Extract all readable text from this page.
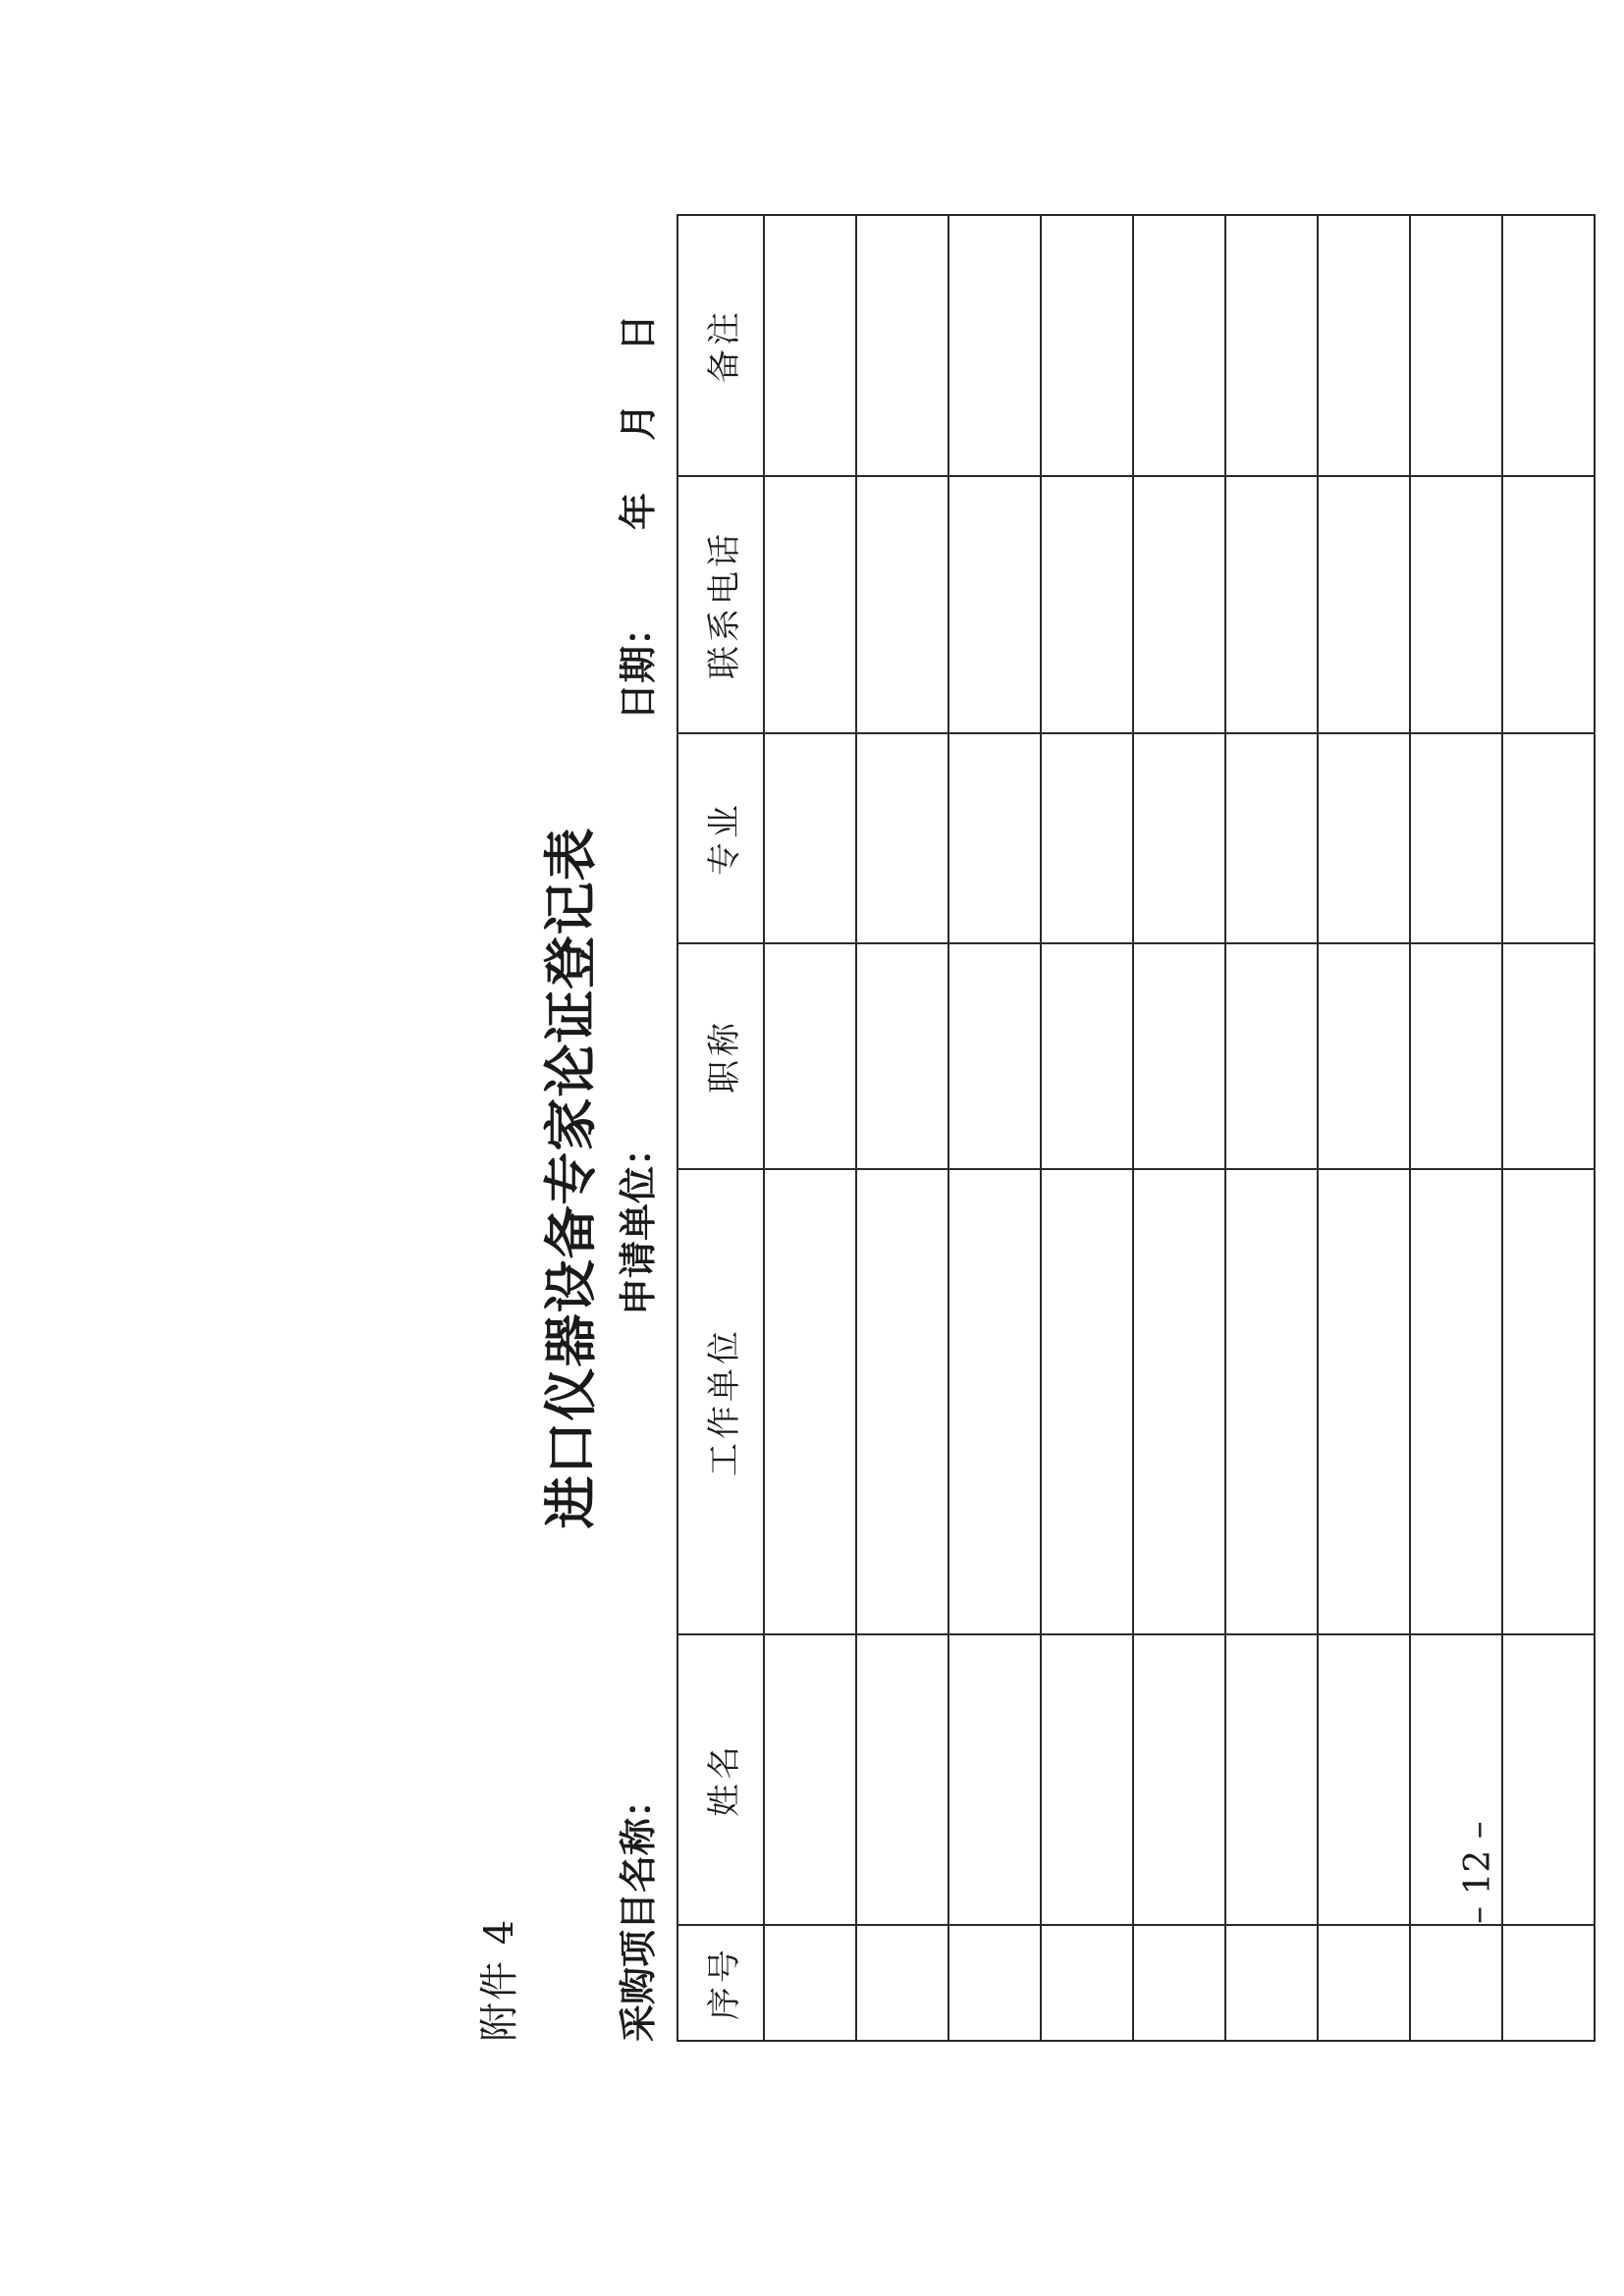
附件 4
进口仪器设备专家论证登记表
采购项目名称：
申请单位：
日期：年    月    日
序号	姓名	工作单位	职称	专业	联系电话	备注

– 12 –
